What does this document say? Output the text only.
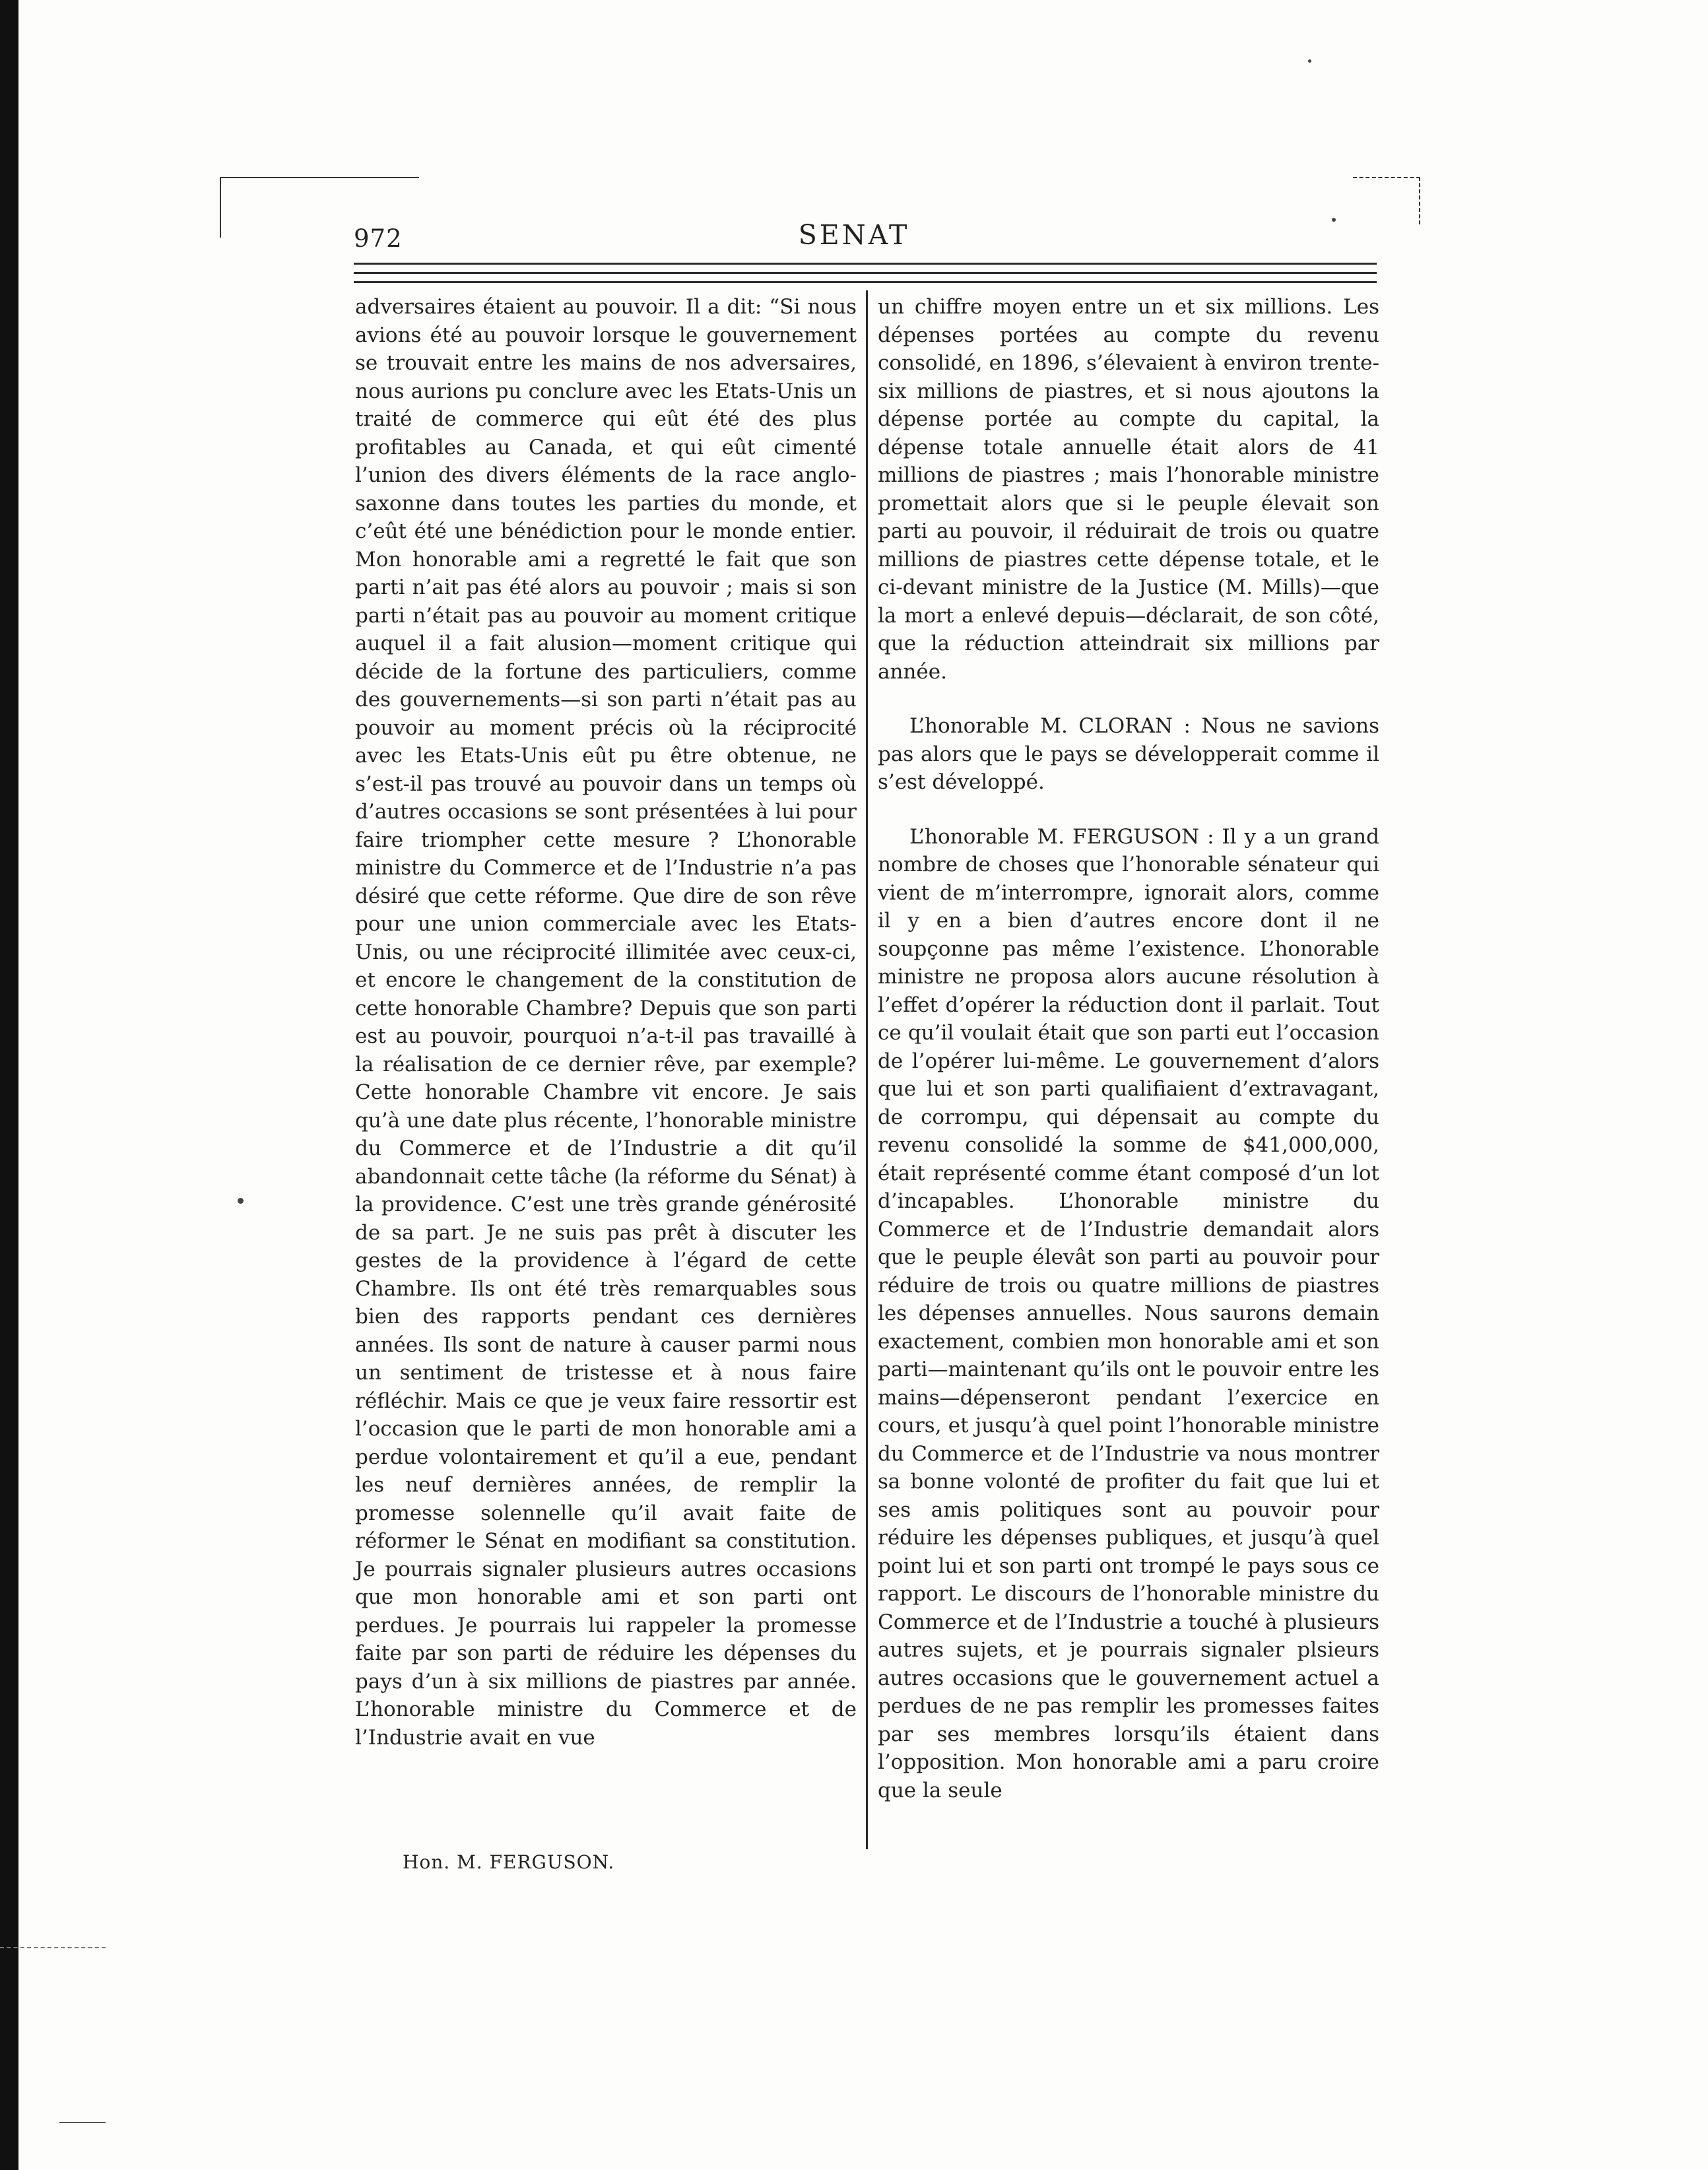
972	SENAT

adversaires étaient au pouvoir. Il a dit: “Si nous avions été au pouvoir lorsque le gouvernement se trouvait entre les mains de nos adversaires, nous aurions pu conclure avec les Etats-Unis un traité de commerce qui eût été des plus profitables au Canada, et qui eût cimenté l’union des divers éléments de la race anglo-saxonne dans toutes les parties du monde, et c’eût été une bénédiction pour le monde entier. Mon honorable ami a regretté le fait que son parti n’ait pas été alors au pouvoir ; mais si son parti n’était pas au pouvoir au moment critique auquel il a fait alusion—moment critique qui décide de la fortune des particuliers, comme des gouvernements—si son parti n’était pas au pouvoir au moment précis où la réciprocité avec les Etats-Unis eût pu être obtenue, ne s’est-il pas trouvé au pouvoir dans un temps où d’autres occasions se sont présentées à lui pour faire triompher cette mesure ? L’honorable ministre du Commerce et de l’Industrie n’a pas désiré que cette réforme. Que dire de son rêve pour une union commerciale avec les Etats-Unis, ou une réciprocité illimitée avec ceux-ci, et encore le changement de la constitution de cette honorable Chambre? Depuis que son parti est au pouvoir, pourquoi n’a-t-il pas travaillé à la réalisation de ce dernier rêve, par exemple? Cette honorable Chambre vit encore. Je sais qu’à une date plus récente, l’honorable ministre du Commerce et de l’Industrie a dit qu’il abandonnait cette tâche (la réforme du Sénat) à la providence. C’est une très grande générosité de sa part. Je ne suis pas prêt à discuter les gestes de la providence à l’égard de cette Chambre. Ils ont été très remarquables sous bien des rapports pendant ces dernières années. Ils sont de nature à causer parmi nous un sentiment de tristesse et à nous faire réfléchir. Mais ce que je veux faire ressortir est l’occasion que le parti de mon honorable ami a perdue volontairement et qu’il a eue, pendant les neuf dernières années, de remplir la promesse solennelle qu’il avait faite de réformer le Sénat en modifiant sa constitution. Je pourrais signaler plusieurs autres occasions que mon honorable ami et son parti ont perdues. Je pourrais lui rappeler la promesse faite par son parti de réduire les dépenses du pays d’un à six millions de piastres par année. L’honorable ministre du Commerce et de l’Industrie avait en vue

un chiffre moyen entre un et six millions. Les dépenses portées au compte du revenu consolidé, en 1896, s’élevaient à environ trente-six millions de piastres, et si nous ajoutons la dépense portée au compte du capital, la dépense totale annuelle était alors de 41 millions de piastres ; mais l’honorable ministre promettait alors que si le peuple élevait son parti au pouvoir, il réduirait de trois ou quatre millions de piastres cette dépense totale, et le ci-devant ministre de la Justice (M. Mills)—que la mort a enlevé depuis—déclarait, de son côté, que la réduction atteindrait six millions par année.

L’honorable M. CLORAN : Nous ne savions pas alors que le pays se développerait comme il s’est développé.

L’honorable M. FERGUSON : Il y a un grand nombre de choses que l’honorable sénateur qui vient de m’interrompre, ignorait alors, comme il y en a bien d’autres encore dont il ne soupçonne pas même l’existence. L’honorable ministre ne proposa alors aucune résolution à l’effet d’opérer la réduction dont il parlait. Tout ce qu’il voulait était que son parti eut l’occasion de l’opérer lui-même. Le gouvernement d’alors que lui et son parti qualifiaient d’extravagant, de corrompu, qui dépensait au compte du revenu consolidé la somme de $41,000,000, était représenté comme étant composé d’un lot d’incapables. L’honorable ministre du Commerce et de l’Industrie demandait alors que le peuple élevât son parti au pouvoir pour réduire de trois ou quatre millions de piastres les dépenses annuelles. Nous saurons demain exactement, combien mon honorable ami et son parti—maintenant qu’ils ont le pouvoir entre les mains—dépenseront pendant l’exercice en cours, et jusqu’à quel point l’honorable ministre du Commerce et de l’Industrie va nous montrer sa bonne volonté de profiter du fait que lui et ses amis politiques sont au pouvoir pour réduire les dépenses publiques, et jusqu’à quel point lui et son parti ont trompé le pays sous ce rapport. Le discours de l’honorable ministre du Commerce et de l’Industrie a touché à plusieurs autres sujets, et je pourrais signaler plsieurs autres occasions que le gouvernement actuel a perdues de ne pas remplir les promesses faites par ses membres lorsqu’ils étaient dans l’opposition. Mon honorable ami a paru croire que la seule

Hon. M. FERGUSON.
